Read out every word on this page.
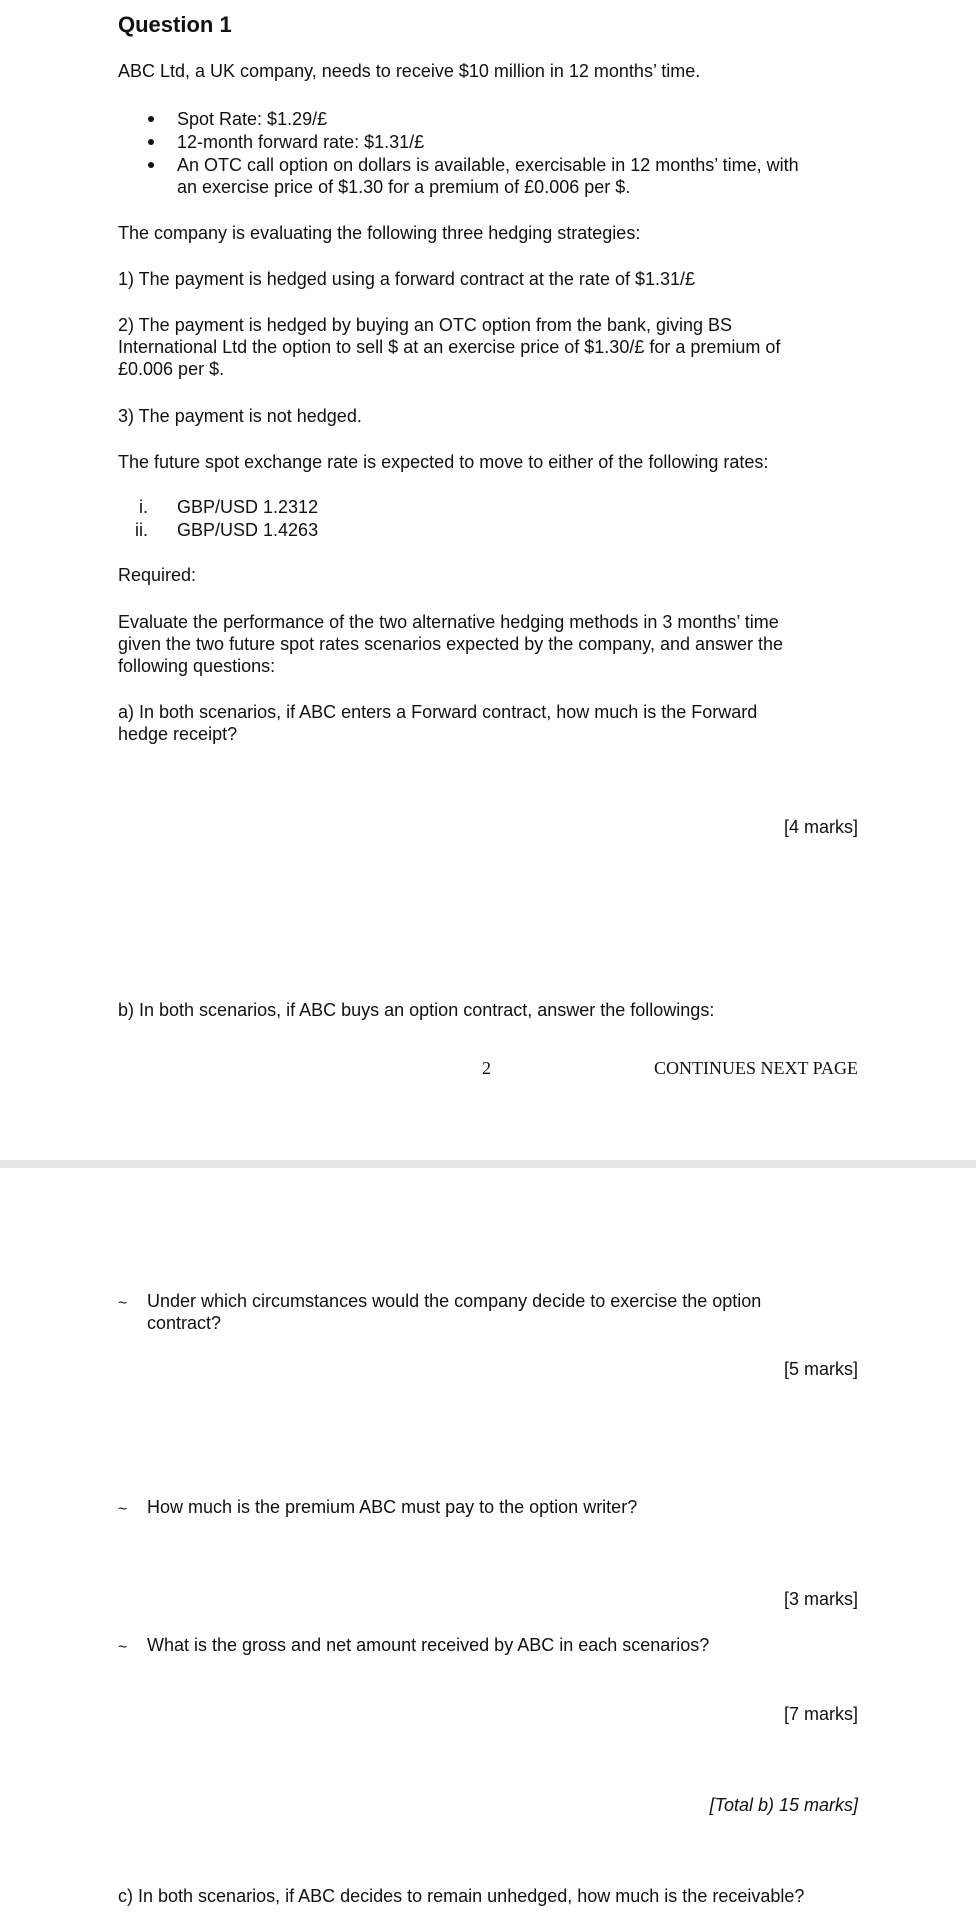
Question 1
ABC Ltd, a UK company, needs to receive $10 million in 12 months’ time.
Spot Rate: $1.29/£
12-month forward rate: $1.31/£
An OTC call option on dollars is available, exercisable in 12 months’ time, with
an exercise price of $1.30 for a premium of £0.006 per $.
The company is evaluating the following three hedging strategies:
1) The payment is hedged using a forward contract at the rate of $1.31/£
2) The payment is hedged by buying an OTC option from the bank, giving BS
International Ltd the option to sell $ at an exercise price of $1.30/£ for a premium of
£0.006 per $.
3) The payment is not hedged.
The future spot exchange rate is expected to move to either of the following rates:
i. GBP/USD 1.2312
ii. GBP/USD 1.4263
Required:
Evaluate the performance of the two alternative hedging methods in 3 months’ time
given the two future spot rates scenarios expected by the company, and answer the
following questions:
a) In both scenarios, if ABC enters a Forward contract, how much is the Forward
hedge receipt?
[4 marks]
b) In both scenarios, if ABC buys an option contract, answer the followings:
2	CONTINUES NEXT PAGE
~ Under which circumstances would the company decide to exercise the option
contract?
[5 marks]
~ How much is the premium ABC must pay to the option writer?
[3 marks]
~ What is the gross and net amount received by ABC in each scenarios?
[7 marks]
[Total b) 15 marks]
c) In both scenarios, if ABC decides to remain unhedged, how much is the receivable?
